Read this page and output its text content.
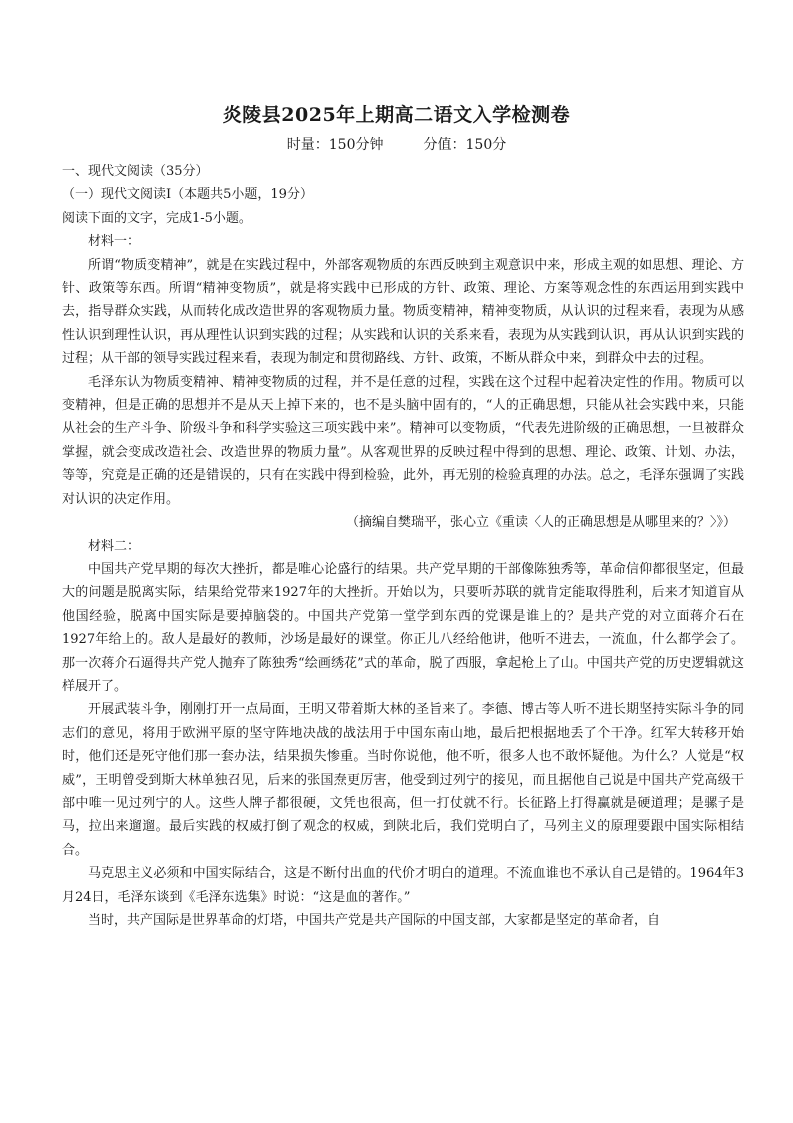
炎陵县2025年上期高二语文入学检测卷
时量：150分钟	分值：150分

一、现代文阅读（35分）

（一）现代文阅读Ⅰ（本题共5小题，19分）

阅读下面的文字，完成1-5小题。

材料一：

所谓“物质变精神”，就是在实践过程中，外部客观物质的东西反映到主观意识中来，形成主观的如思想、理论、方针、政策等东西。所谓“精神变物质”，就是将实践中已形成的方针、政策、理论、方案等观念性的东西运用到实践中去，指导群众实践，从而转化成改造世界的客观物质力量。物质变精神，精神变物质，从认识的过程来看，表现为从感性认识到理性认识，再从理性认识到实践的过程；从实践和认识的关系来看，表现为从实践到认识，再从认识到实践的过程；从干部的领导实践过程来看，表现为制定和贯彻路线、方针、政策，不断从群众中来，到群众中去的过程。

毛泽东认为物质变精神、精神变物质的过程，并不是任意的过程，实践在这个过程中起着决定性的作用。物质可以变精神，但是正确的思想并不是从天上掉下来的，也不是头脑中固有的，“人的正确思想，只能从社会实践中来，只能从社会的生产斗争、阶级斗争和科学实验这三项实践中来”。精神可以变物质，“代表先进阶级的正确思想，一旦被群众掌握，就会变成改造社会、改造世界的物质力量”。从客观世界的反映过程中得到的思想、理论、政策、计划、办法，等等，究竟是正确的还是错误的，只有在实践中得到检验，此外，再无别的检验真理的办法。总之，毛泽东强调了实践对认识的决定作用。

（摘编自樊瑞平，张心立《重读〈人的正确思想是从哪里来的？〉》）

材料二：

中国共产党早期的每次大挫折，都是唯心论盛行的结果。共产党早期的干部像陈独秀等，革命信仰都很坚定，但最大的问题是脱离实际，结果给党带来1927年的大挫折。开始以为，只要听苏联的就肯定能取得胜利，后来才知道盲从他国经验，脱离中国实际是要掉脑袋的。中国共产党第一堂学到东西的党课是谁上的？是共产党的对立面蒋介石在1927年给上的。敌人是最好的教师，沙场是最好的课堂。你正儿八经给他讲，他听不进去，一流血，什么都学会了。那一次蒋介石逼得共产党人抛弃了陈独秀“绘画绣花”式的革命，脱了西服，拿起枪上了山。中国共产党的历史逻辑就这样展开了。

开展武装斗争，刚刚打开一点局面，王明又带着斯大林的圣旨来了。李德、博古等人听不进长期坚持实际斗争的同志们的意见，将用于欧洲平原的坚守阵地决战的战法用于中国东南山地，最后把根据地丢了个干净。红军大转移开始时，他们还是死守他们那一套办法，结果损失惨重。当时你说他，他不听，很多人也不敢怀疑他。为什么？人觉是“权威”，王明曾受到斯大林单独召见，后来的张国焘更厉害，他受到过列宁的接见，而且据他自己说是中国共产党高级干部中唯一见过列宁的人。这些人牌子都很硬，文凭也很高，但一打仗就不行。长征路上打得赢就是硬道理；是骡子是马，拉出来遛遛。最后实践的权威打倒了观念的权威，到陕北后，我们党明白了，马列主义的原理要跟中国实际相结合。

马克思主义必须和中国实际结合，这是不断付出血的代价才明白的道理。不流血谁也不承认自己是错的。1964年3月24日，毛泽东谈到《毛泽东选集》时说：“这是血的著作。”

当时，共产国际是世界革命的灯塔，中国共产党是共产国际的中国支部，大家都是坚定的革命者，自
